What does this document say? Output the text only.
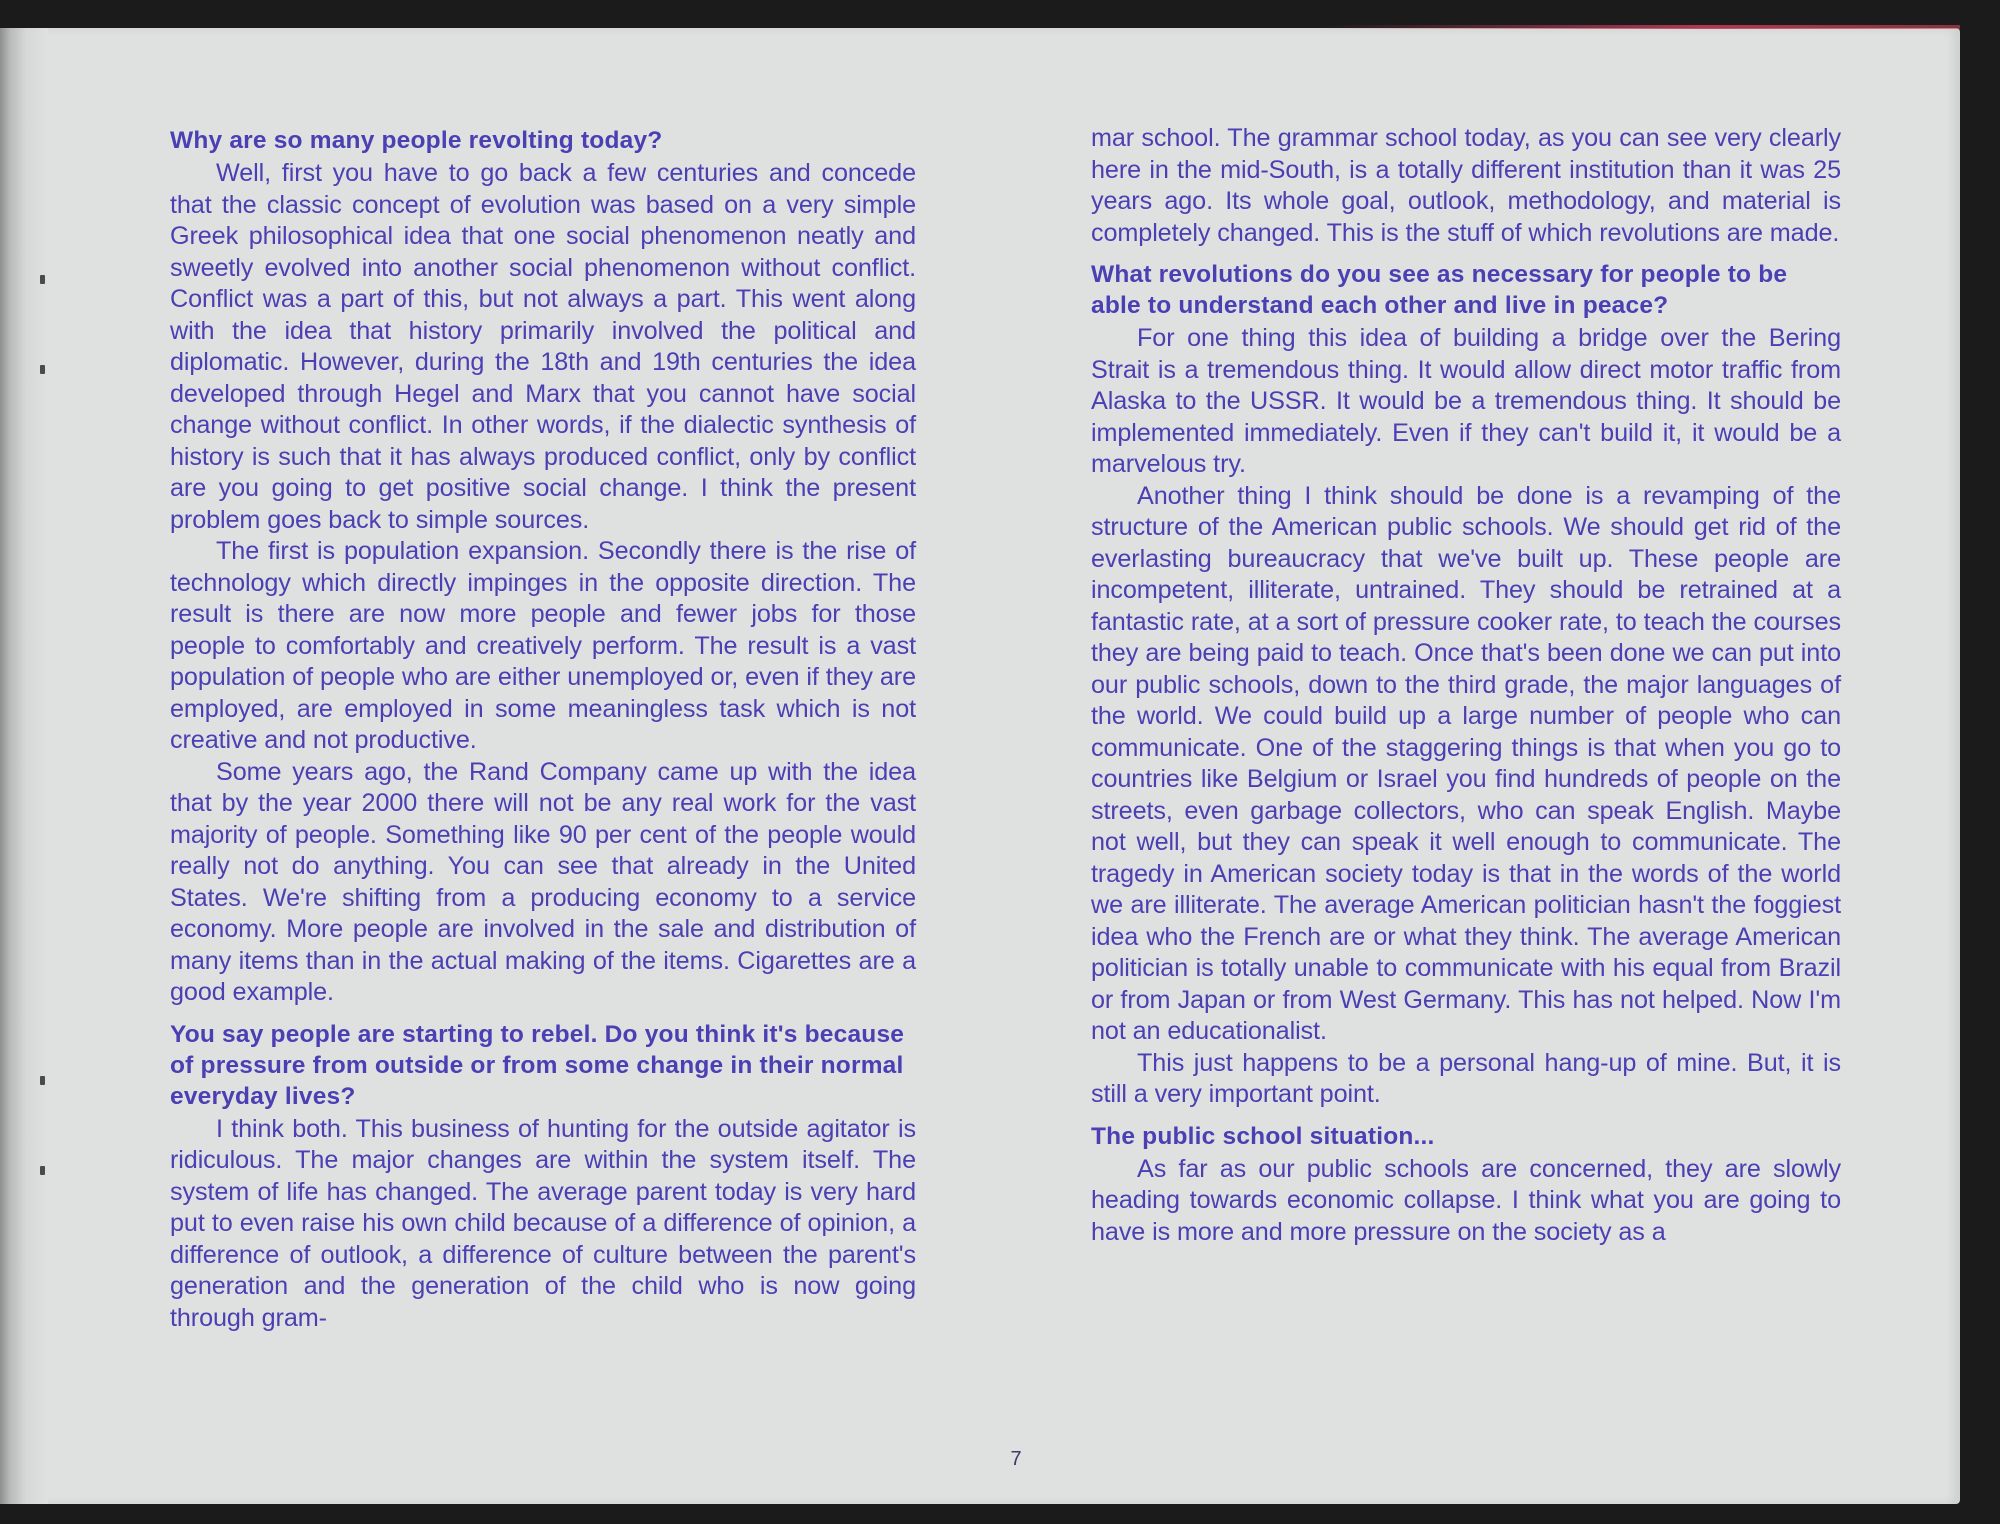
Why are so many people revolting today?

Well, first you have to go back a few centuries and concede that the classic concept of evolution was based on a very simple Greek philosophical idea that one social phenomenon neatly and sweetly evolved into another social phenomenon without conflict. Conflict was a part of this, but not always a part. This went along with the idea that history primarily involved the political and diplomatic. However, during the 18th and 19th centuries the idea developed through Hegel and Marx that you cannot have social change without conflict. In other words, if the dialectic synthesis of history is such that it has always produced conflict, only by conflict are you going to get positive social change. I think the present problem goes back to simple sources.

The first is population expansion. Secondly there is the rise of technology which directly impinges in the opposite direction. The result is there are now more people and fewer jobs for those people to comfortably and creatively perform. The result is a vast population of people who are either unemployed or, even if they are employed, are employed in some meaningless task which is not creative and not productive.

Some years ago, the Rand Company came up with the idea that by the year 2000 there will not be any real work for the vast majority of people. Something like 90 per cent of the people would really not do anything. You can see that already in the United States. We're shifting from a producing economy to a service economy. More people are involved in the sale and distribution of many items than in the actual making of the items. Cigarettes are a good example.

You say people are starting to rebel. Do you think it's because of pressure from outside or from some change in their normal everyday lives?

I think both. This business of hunting for the outside agitator is ridiculous. The major changes are within the system itself. The system of life has changed. The average parent today is very hard put to even raise his own child because of a difference of opinion, a difference of outlook, a difference of culture between the parent's generation and the generation of the child who is now going through gram-

mar school. The grammar school today, as you can see very clearly here in the mid-South, is a totally different institution than it was 25 years ago. Its whole goal, outlook, methodology, and material is completely changed. This is the stuff of which revolutions are made.

What revolutions do you see as necessary for people to be able to understand each other and live in peace?

For one thing this idea of building a bridge over the Bering Strait is a tremendous thing. It would allow direct motor traffic from Alaska to the USSR. It would be a tremendous thing. It should be implemented immediately. Even if they can't build it, it would be a marvelous try.

Another thing I think should be done is a revamping of the structure of the American public schools. We should get rid of the everlasting bureaucracy that we've built up. These people are incompetent, illiterate, untrained. They should be retrained at a fantastic rate, at a sort of pressure cooker rate, to teach the courses they are being paid to teach. Once that's been done we can put into our public schools, down to the third grade, the major languages of the world. We could build up a large number of people who can communicate. One of the staggering things is that when you go to countries like Belgium or Israel you find hundreds of people on the streets, even garbage collectors, who can speak English. Maybe not well, but they can speak it well enough to communicate. The tragedy in American society today is that in the words of the world we are illiterate. The average American politician hasn't the foggiest idea who the French are or what they think. The average American politician is totally unable to communicate with his equal from Brazil or from Japan or from West Germany. This has not helped. Now I'm not an educationalist.

This just happens to be a personal hang-up of mine. But, it is still a very important point.

The public school situation...

As far as our public schools are concerned, they are slowly heading towards economic collapse. I think what you are going to have is more and more pressure on the society as a

7
